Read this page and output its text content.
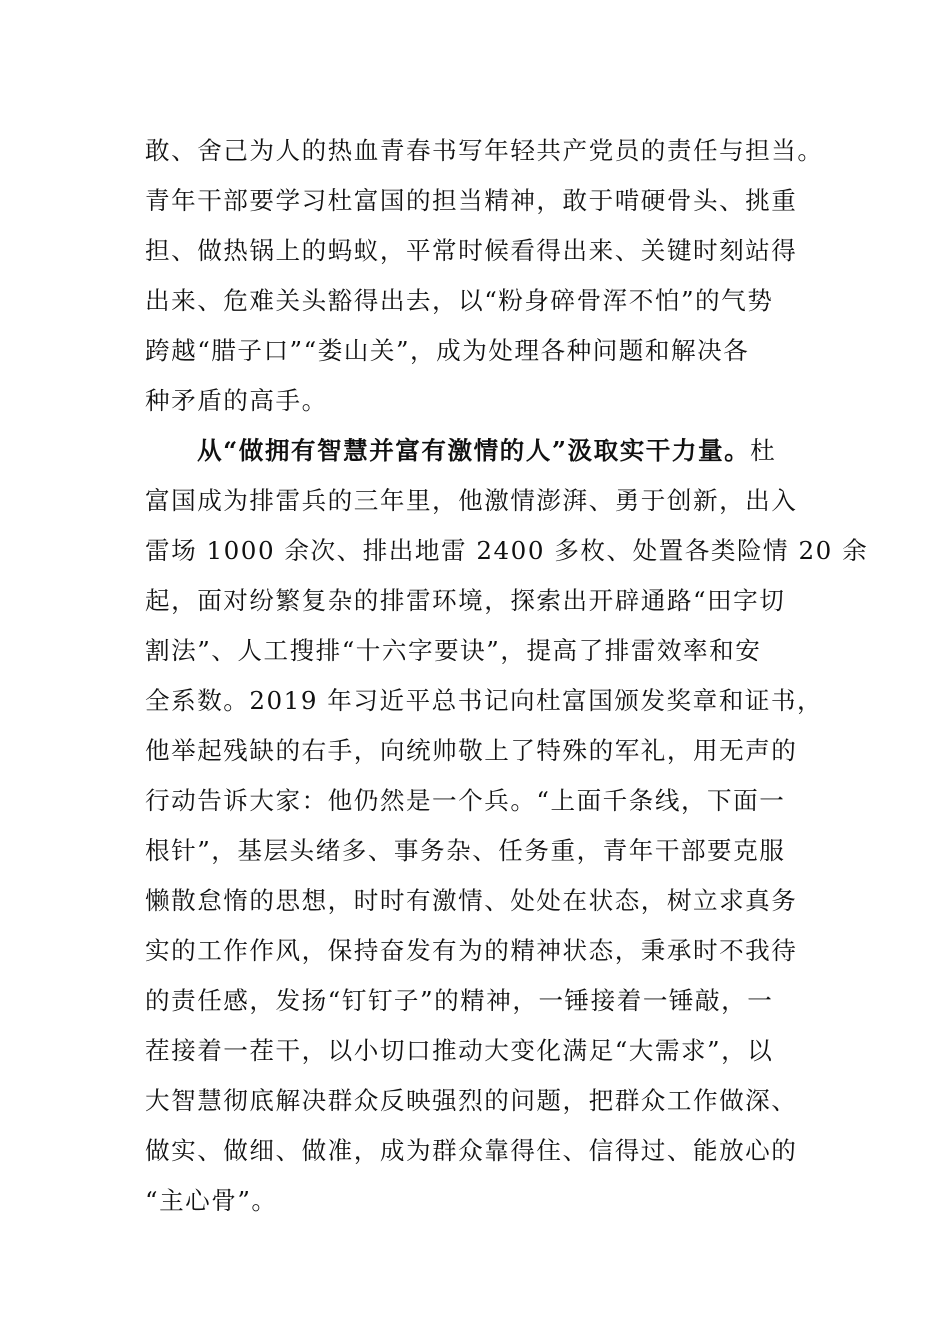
敢、舍己为人的热血青春书写年轻共产党员的责任与担当。
青年干部要学习杜富国的担当精神，敢于啃硬骨头、挑重
担、做热锅上的蚂蚁，平常时候看得出来、关键时刻站得
出来、危难关头豁得出去，以“粉身碎骨浑不怕”的气势
跨越“腊子口”“娄山关”，成为处理各种问题和解决各
种矛盾的高手。
从“做拥有智慧并富有激情的人”汲取实干力量。杜
富国成为排雷兵的三年里，他激情澎湃、勇于创新，出入
雷场 1000 余次、排出地雷 2400 多枚、处置各类险情 20 余
起，面对纷繁复杂的排雷环境，探索出开辟通路“田字切
割法”、人工搜排“十六字要诀”，提高了排雷效率和安
全系数。2019 年习近平总书记向杜富国颁发奖章和证书，
他举起残缺的右手，向统帅敬上了特殊的军礼，用无声的
行动告诉大家：他仍然是一个兵。“上面千条线，下面一
根针”，基层头绪多、事务杂、任务重，青年干部要克服
懒散怠惰的思想，时时有激情、处处在状态，树立求真务
实的工作作风，保持奋发有为的精神状态，秉承时不我待
的责任感，发扬“钉钉子”的精神，一锤接着一锤敲，一
茬接着一茬干，以小切口推动大变化满足“大需求”，以
大智慧彻底解决群众反映强烈的问题，把群众工作做深、
做实、做细、做准，成为群众靠得住、信得过、能放心的
“主心骨”。
